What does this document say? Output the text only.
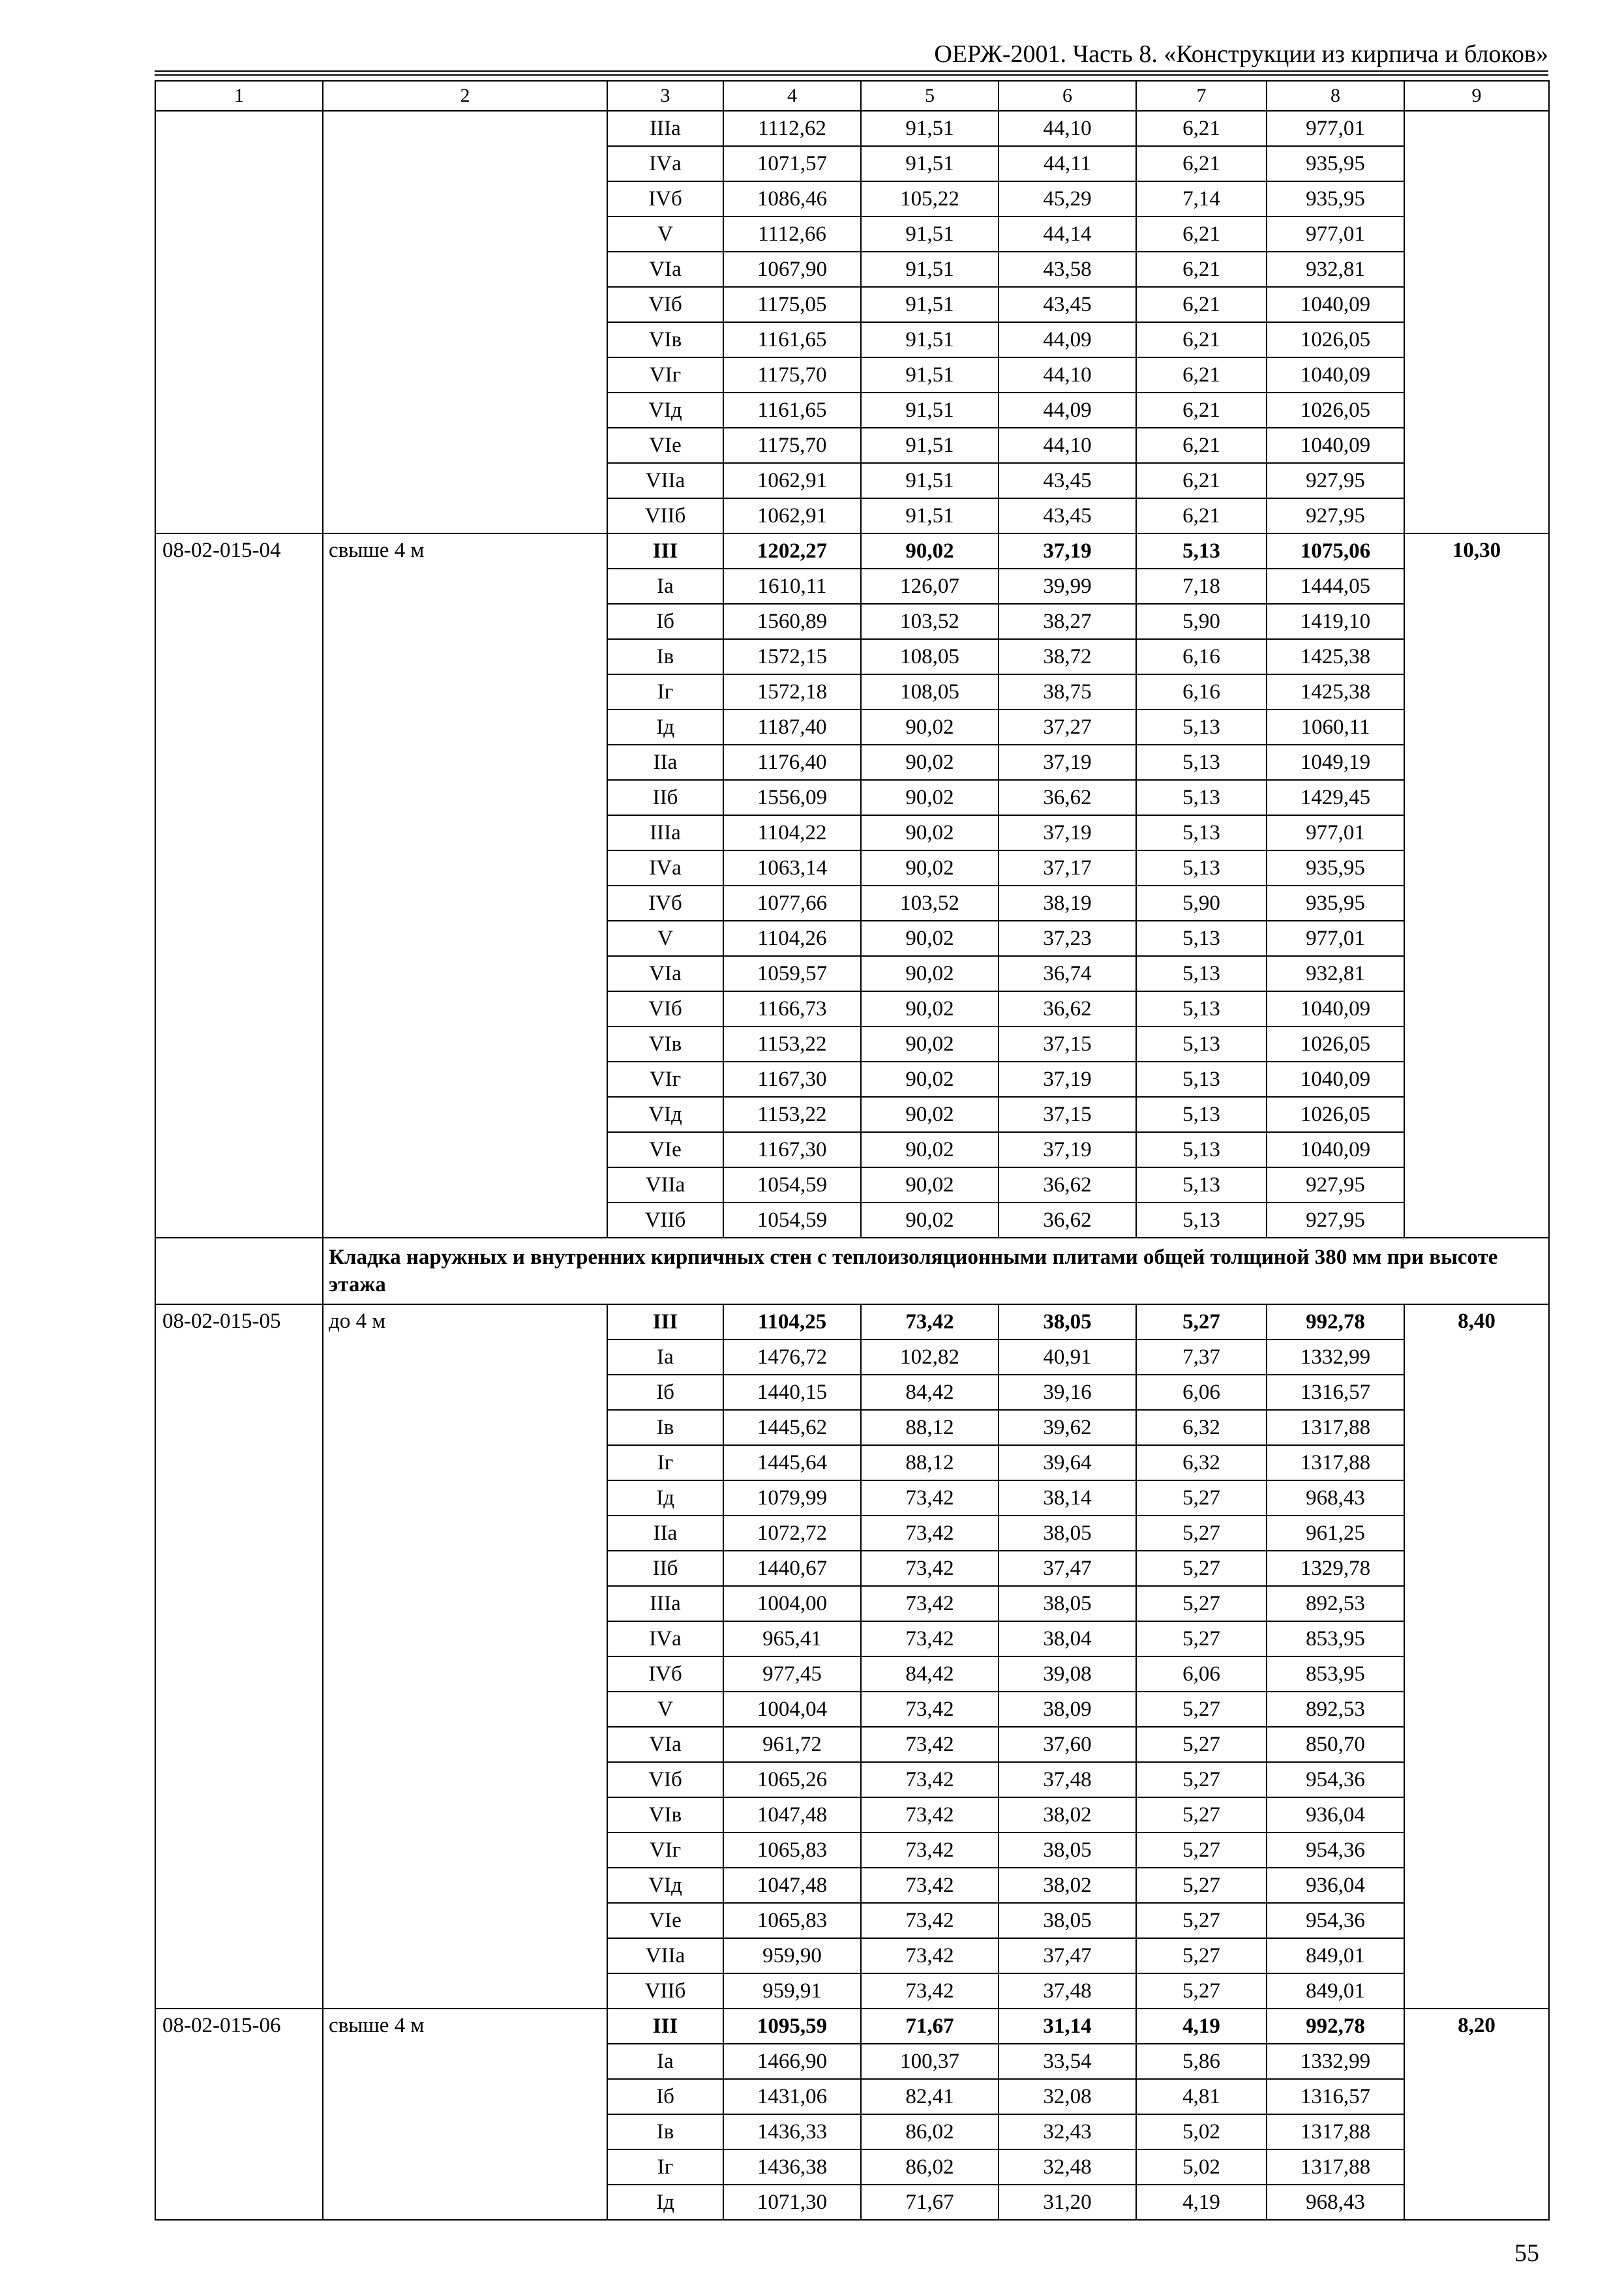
ОЕРЖ-2001. Часть 8. «Конструкции из кирпича и блоков»
1	2	3	4	5	6	7	8	9
		IIIа	1112,62	91,51	44,10	6,21	977,01	
		IVа	1071,57	91,51	44,11	6,21	935,95	
		IVб	1086,46	105,22	45,29	7,14	935,95	
		V	1112,66	91,51	44,14	6,21	977,01	
		VIа	1067,90	91,51	43,58	6,21	932,81	
		VIб	1175,05	91,51	43,45	6,21	1040,09	
		VIв	1161,65	91,51	44,09	6,21	1026,05	
		VIг	1175,70	91,51	44,10	6,21	1040,09	
		VIд	1161,65	91,51	44,09	6,21	1026,05	
		VIе	1175,70	91,51	44,10	6,21	1040,09	
		VIIа	1062,91	91,51	43,45	6,21	927,95	
		VIIб	1062,91	91,51	43,45	6,21	927,95	
08-02-015-04	свыше 4 м	III	1202,27	90,02	37,19	5,13	1075,06	10,30
		Iа	1610,11	126,07	39,99	7,18	1444,05	
		Iб	1560,89	103,52	38,27	5,90	1419,10	
		Iв	1572,15	108,05	38,72	6,16	1425,38	
		Iг	1572,18	108,05	38,75	6,16	1425,38	
		Iд	1187,40	90,02	37,27	5,13	1060,11	
		IIа	1176,40	90,02	37,19	5,13	1049,19	
		IIб	1556,09	90,02	36,62	5,13	1429,45	
		IIIа	1104,22	90,02	37,19	5,13	977,01	
		IVа	1063,14	90,02	37,17	5,13	935,95	
		IVб	1077,66	103,52	38,19	5,90	935,95	
		V	1104,26	90,02	37,23	5,13	977,01	
		VIа	1059,57	90,02	36,74	5,13	932,81	
		VIб	1166,73	90,02	36,62	5,13	1040,09	
		VIв	1153,22	90,02	37,15	5,13	1026,05	
		VIг	1167,30	90,02	37,19	5,13	1040,09	
		VIд	1153,22	90,02	37,15	5,13	1026,05	
		VIе	1167,30	90,02	37,19	5,13	1040,09	
		VIIа	1054,59	90,02	36,62	5,13	927,95	
		VIIб	1054,59	90,02	36,62	5,13	927,95	
	Кладка наружных и внутренних кирпичных стен с теплоизоляционными плитами общей толщиной 380 мм при высоте этажа							
08-02-015-05	до 4 м	III	1104,25	73,42	38,05	5,27	992,78	8,40
		Iа	1476,72	102,82	40,91	7,37	1332,99	
		Iб	1440,15	84,42	39,16	6,06	1316,57	
		Iв	1445,62	88,12	39,62	6,32	1317,88	
		Iг	1445,64	88,12	39,64	6,32	1317,88	
		Iд	1079,99	73,42	38,14	5,27	968,43	
		IIа	1072,72	73,42	38,05	5,27	961,25	
		IIб	1440,67	73,42	37,47	5,27	1329,78	
		IIIа	1004,00	73,42	38,05	5,27	892,53	
		IVа	965,41	73,42	38,04	5,27	853,95	
		IVб	977,45	84,42	39,08	6,06	853,95	
		V	1004,04	73,42	38,09	5,27	892,53	
		VIа	961,72	73,42	37,60	5,27	850,70	
		VIб	1065,26	73,42	37,48	5,27	954,36	
		VIв	1047,48	73,42	38,02	5,27	936,04	
		VIг	1065,83	73,42	38,05	5,27	954,36	
		VIд	1047,48	73,42	38,02	5,27	936,04	
		VIе	1065,83	73,42	38,05	5,27	954,36	
		VIIа	959,90	73,42	37,47	5,27	849,01	
		VIIб	959,91	73,42	37,48	5,27	849,01	
08-02-015-06	свыше 4 м	III	1095,59	71,67	31,14	4,19	992,78	8,20
		Iа	1466,90	100,37	33,54	5,86	1332,99	
		Iб	1431,06	82,41	32,08	4,81	1316,57	
		Iв	1436,33	86,02	32,43	5,02	1317,88	
		Iг	1436,38	86,02	32,48	5,02	1317,88	
		Iд	1071,30	71,67	31,20	4,19	968,43	
55
